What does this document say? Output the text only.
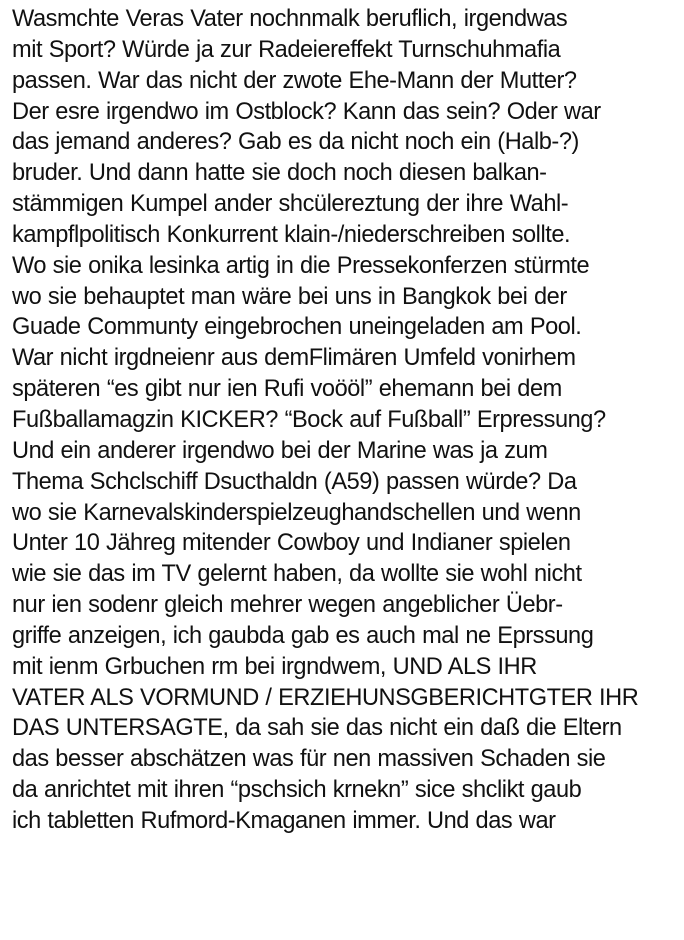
Wasmchte Veras Vater nochnmalk beruflich, irgendwas
mit Sport? Würde ja zur Radeiereffekt Turnschuhmafia
passen. War das nicht der zwote Ehe-Mann der Mutter?
Der esre irgendwo im Ostblock? Kann das sein? Oder war
das jemand anderes? Gab es da nicht noch ein (Halb-?)
bruder. Und dann hatte sie doch noch diesen balkan-
stämmigen Kumpel ander shcülereztung der ihre Wahl-
kampflpolitisch Konkurrent klain-/niederschreiben sollte.
Wo sie onika lesinka artig in die Pressekonferzen stürmte
wo sie behauptet man wäre bei uns in Bangkok bei der
Guade Communty eingebrochen uneingeladen am Pool.
War nicht irgdneienr aus demFlimären Umfeld vonirhem
späteren “es gibt nur ien Rufi voööl” ehemann bei dem
Fußballamagzin KICKER? “Bock auf Fußball” Erpressung?
Und ein anderer irgendwo bei der Marine was ja zum
Thema Schclschiff Dsucthaldn (A59) passen würde? Da
wo sie Karnevalskinderspielzeughandschellen und wenn
Unter 10 Jähreg mitender Cowboy und Indianer spielen
wie sie das im TV gelernt haben, da wollte sie wohl nicht
nur ien sodenr gleich mehrer wegen angeblicher Üebr-
griffe anzeigen, ich gaubda gab es auch mal ne Eprssung
mit ienm Grbuchen rm bei irgndwem, UND ALS IHR
VATER ALS VORMUND / ERZIEHUNSGBERICHTGTER IHR
DAS UNTERSAGTE, da sah sie das nicht ein daß die Eltern
das besser abschätzen was für nen massiven Schaden sie
da anrichtet mit ihren “pschsich krnekn” sice shclikt gaub
ich tabletten Rufmord-Kmaganen immer. Und das war
